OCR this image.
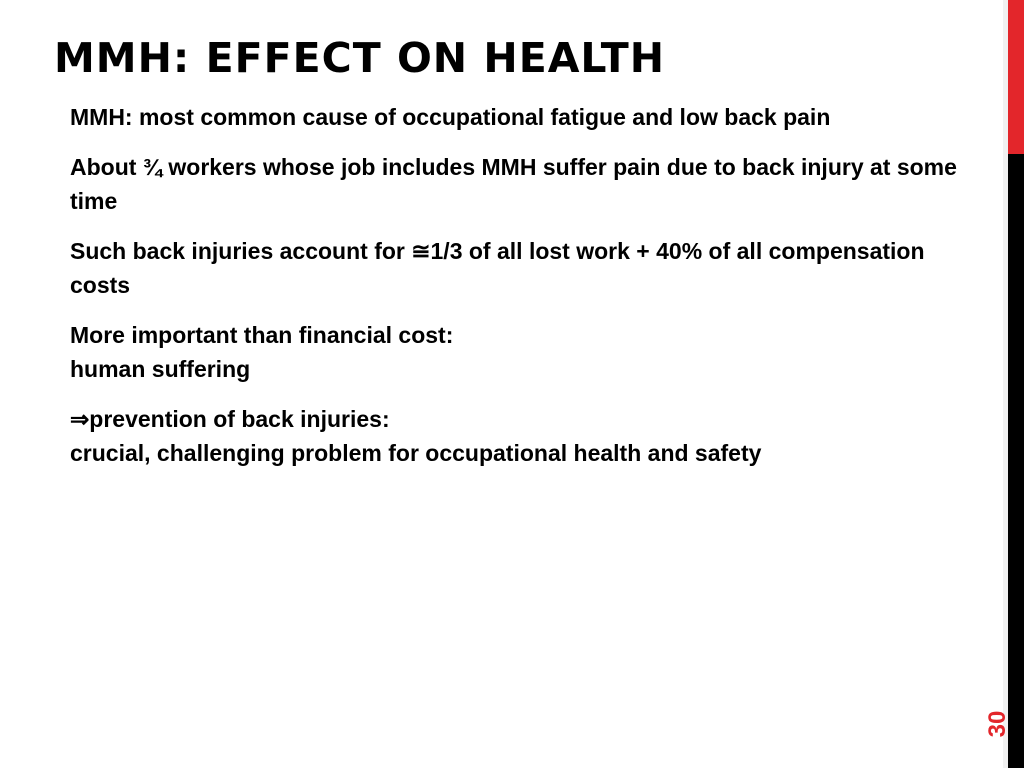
MMH: EFFECT ON HEALTH

MMH: most common cause of occupational fatigue and low back pain

About ¾ workers whose job includes MMH suffer pain due to back injury at some time

Such back injuries account for ≅1/3 of all lost work + 40% of all compensation costs

More important than financial cost:
human suffering

⇒prevention of back injuries:
crucial, challenging problem for occupational health and safety

30
